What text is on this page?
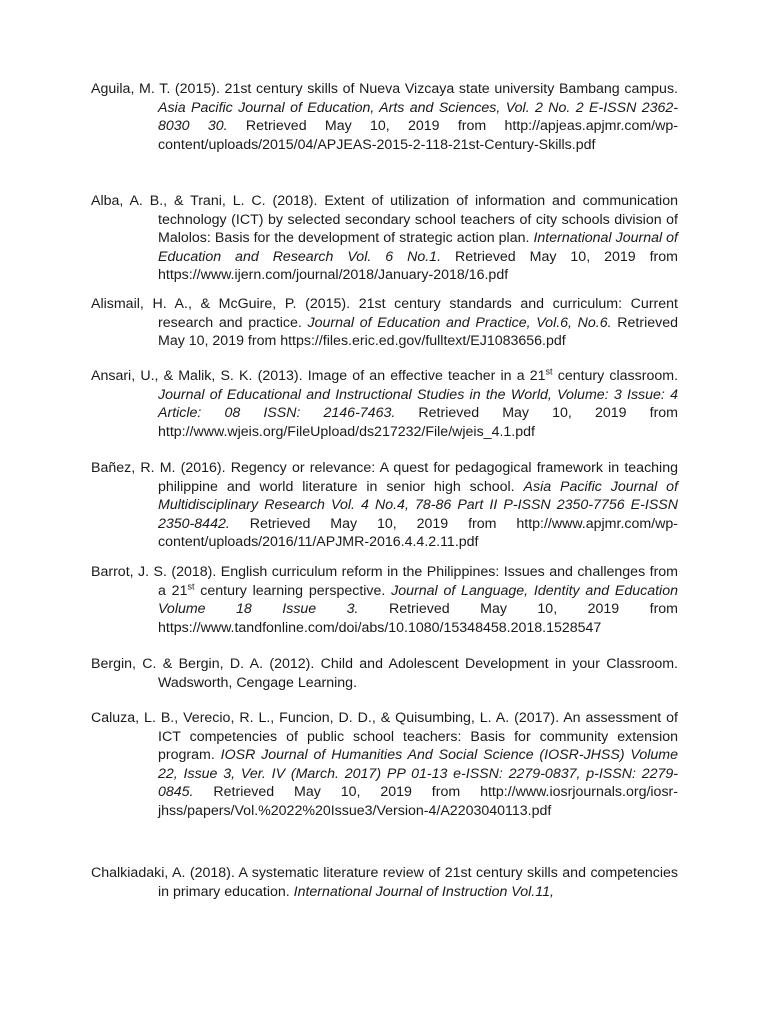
Aguila, M. T. (2015). 21st century skills of Nueva Vizcaya state university Bambang campus. Asia Pacific Journal of Education, Arts and Sciences, Vol. 2 No. 2 E-ISSN 2362-8030 30. Retrieved May 10, 2019 from http://apjeas.apjmr.com/wp-content/uploads/2015/04/APJEAS-2015-2-118-21st-Century-Skills.pdf

Alba, A. B., & Trani, L. C. (2018). Extent of utilization of information and communication technology (ICT) by selected secondary school teachers of city schools division of Malolos: Basis for the development of strategic action plan. International Journal of Education and Research Vol. 6 No.1. Retrieved May 10, 2019 from https://www.ijern.com/journal/2018/January-2018/16.pdf

Alismail, H. A., & McGuire, P. (2015). 21st century standards and curriculum: Current research and practice. Journal of Education and Practice, Vol.6, No.6. Retrieved May 10, 2019 from https://files.eric.ed.gov/fulltext/EJ1083656.pdf

Ansari, U., & Malik, S. K. (2013). Image of an effective teacher in a 21st century classroom. Journal of Educational and Instructional Studies in the World, Volume: 3 Issue: 4 Article: 08 ISSN: 2146-7463. Retrieved May 10, 2019 from http://www.wjeis.org/FileUpload/ds217232/File/wjeis_4.1.pdf

Bañez, R. M. (2016). Regency or relevance: A quest for pedagogical framework in teaching philippine and world literature in senior high school. Asia Pacific Journal of Multidisciplinary Research Vol. 4 No.4, 78-86 Part II P-ISSN 2350-7756 E-ISSN 2350-8442. Retrieved May 10, 2019 from http://www.apjmr.com/wp-content/uploads/2016/11/APJMR-2016.4.4.2.11.pdf

Barrot, J. S. (2018). English curriculum reform in the Philippines: Issues and challenges from a 21st century learning perspective. Journal of Language, Identity and Education Volume 18 Issue 3. Retrieved May 10, 2019 from https://www.tandfonline.com/doi/abs/10.1080/15348458.2018.1528547

Bergin, C. & Bergin, D. A. (2012). Child and Adolescent Development in your Classroom. Wadsworth, Cengage Learning.

Caluza, L. B., Verecio, R. L., Funcion, D. D., & Quisumbing, L. A. (2017). An assessment of ICT competencies of public school teachers: Basis for community extension program. IOSR Journal of Humanities And Social Science (IOSR-JHSS) Volume 22, Issue 3, Ver. IV (March. 2017) PP 01-13 e-ISSN: 2279-0837, p-ISSN: 2279-0845. Retrieved May 10, 2019 from http://www.iosrjournals.org/iosr-jhss/papers/Vol.%2022%20Issue3/Version-4/A2203040113.pdf

Chalkiadaki, A. (2018). A systematic literature review of 21st century skills and competencies in primary education. International Journal of Instruction Vol.11,
